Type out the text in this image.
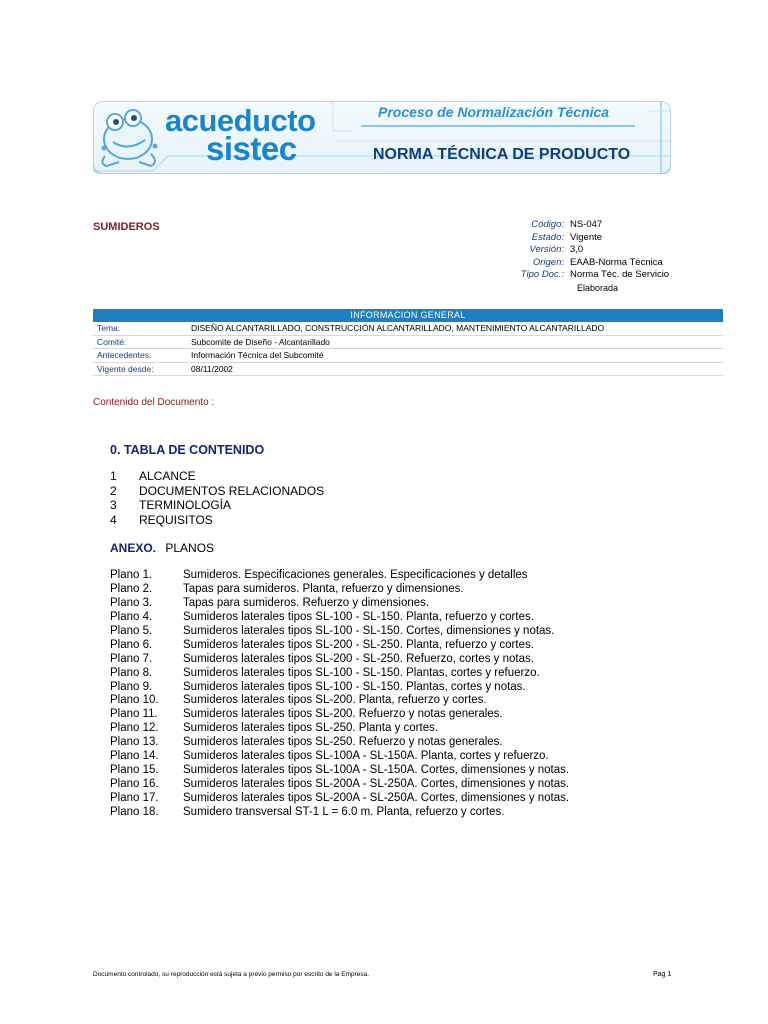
acueducto
sistec
Proceso de Normalización Técnica
NORMA TÉCNICA DE PRODUCTO
SUMIDEROS	Código: NS-047
Estado: Vigente
Versión: 3,0
Origen: EAAB-Norma Técnica
Tipo Doc.: Norma Téc. de Servicio
Elaborada
INFORMACION GENERAL
Tema:	DISEÑO ALCANTARILLADO, CONSTRUCCIÓN ALCANTARILLADO, MANTENIMIENTO ALCANTARILLADO
Comité:	Subcomite de Diseño - Alcantarillado
Antecedentes:	Información Técnica del Subcomité
Vigente desde:	08/11/2002
Contenido del Documento :
0. TABLA DE CONTENIDO
1	ALCANCE
2	DOCUMENTOS RELACIONADOS
3	TERMINOLOGÍA
4	REQUISITOS
ANEXO. PLANOS
Plano 1.	Sumideros. Especificaciones generales. Especificaciones y detalles
Plano 2.	Tapas para sumideros. Planta, refuerzo y dimensiones.
Plano 3.	Tapas para sumideros. Refuerzo y dimensiones.
Plano 4.	Sumideros laterales tipos SL-100 - SL-150. Planta, refuerzo y cortes.
Plano 5.	Sumideros laterales tipos SL-100 - SL-150. Cortes, dimensiones y notas.
Plano 6.	Sumideros laterales tipos SL-200 - SL-250. Planta, refuerzo y cortes.
Plano 7.	Sumideros laterales tipos SL-200 - SL-250. Refuerzo, cortes y notas.
Plano 8.	Sumideros laterales tipos SL-100 - SL-150. Plantas, cortes y refuerzo.
Plano 9.	Sumideros laterales tipos SL-100 - SL-150. Plantas, cortes y notas.
Plano 10.	Sumideros laterales tipos SL-200. Planta, refuerzo y cortes.
Plano 11.	Sumideros laterales tipos SL-200. Refuerzo y notas generales.
Plano 12.	Sumideros laterales tipos SL-250. Planta y cortes.
Plano 13.	Sumideros laterales tipos SL-250. Refuerzo y notas generales.
Plano 14.	Sumideros laterales tipos SL-100A - SL-150A. Planta, cortes y refuerzo.
Plano 15.	Sumideros laterales tipos SL-100A - SL-150A. Cortes, dimensiones y notas.
Plano 16.	Sumideros laterales tipos SL-200A - SL-250A. Cortes, dimensiones y notas.
Plano 17.	Sumideros laterales tipos SL-200A - SL-250A. Cortes, dimensiones y notas.
Plano 18.	Sumidero transversal ST-1 L = 6.0 m. Planta, refuerzo y cortes.
Documento controlado, su reproducción está sujeta a previo permiso por escrito de la Empresa.	Pag 1
